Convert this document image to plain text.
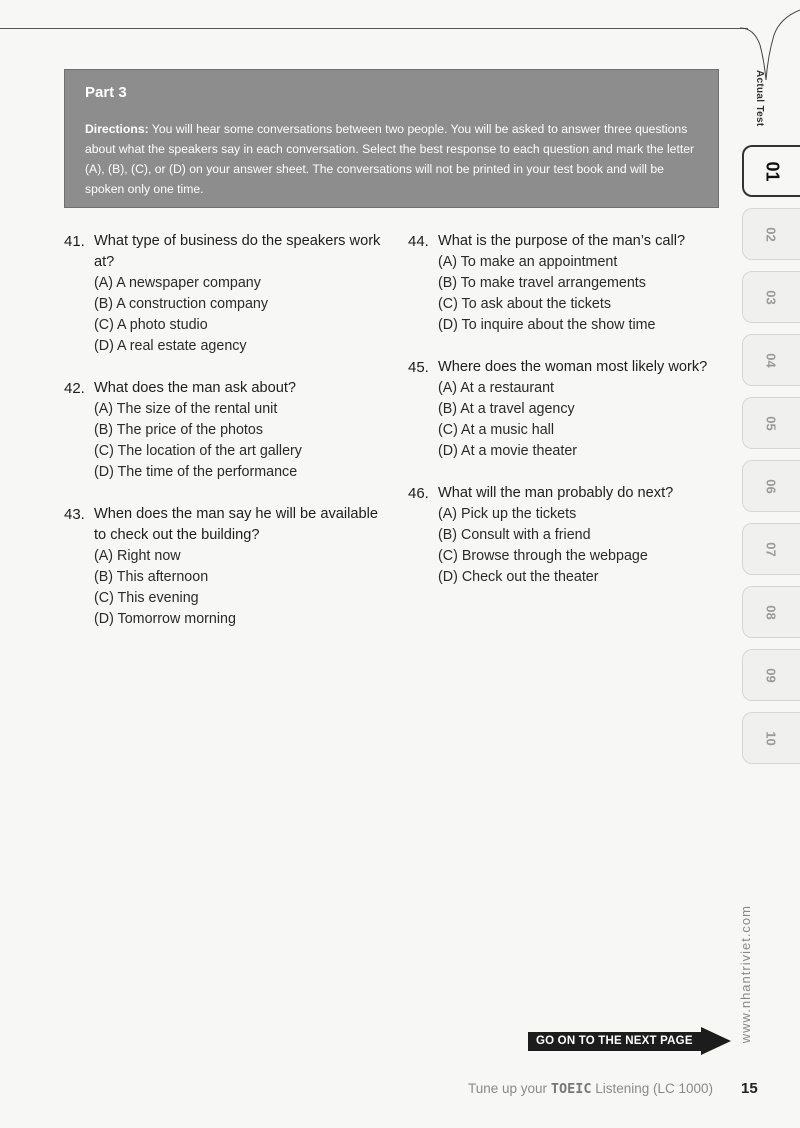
Actual Test
01
02
03
04
05
06
07
08
09
10
Part 3
Directions: You will hear some conversations between two people. You will be asked to answer three questions about what the speakers say in each conversation. Select the best response to each question and mark the letter (A), (B), (C), or (D) on your answer sheet. The conversations will not be printed in your test book and will be spoken only one time.
41. What type of business do the speakers work at?
(A) A newspaper company
(B) A construction company
(C) A photo studio
(D) A real estate agency
42. What does the man ask about?
(A) The size of the rental unit
(B) The price of the photos
(C) The location of the art gallery
(D) The time of the performance
43. When does the man say he will be available to check out the building?
(A) Right now
(B) This afternoon
(C) This evening
(D) Tomorrow morning
44. What is the purpose of the man’s call?
(A) To make an appointment
(B) To make travel arrangements
(C) To ask about the tickets
(D) To inquire about the show time
45. Where does the woman most likely work?
(A) At a restaurant
(B) At a travel agency
(C) At a music hall
(D) At a movie theater
46. What will the man probably do next?
(A) Pick up the tickets
(B) Consult with a friend
(C) Browse through the webpage
(D) Check out the theater
GO ON TO THE NEXT PAGE	www.nhantriviet.com
Tune up your TOEIC Listening (LC 1000) 15
